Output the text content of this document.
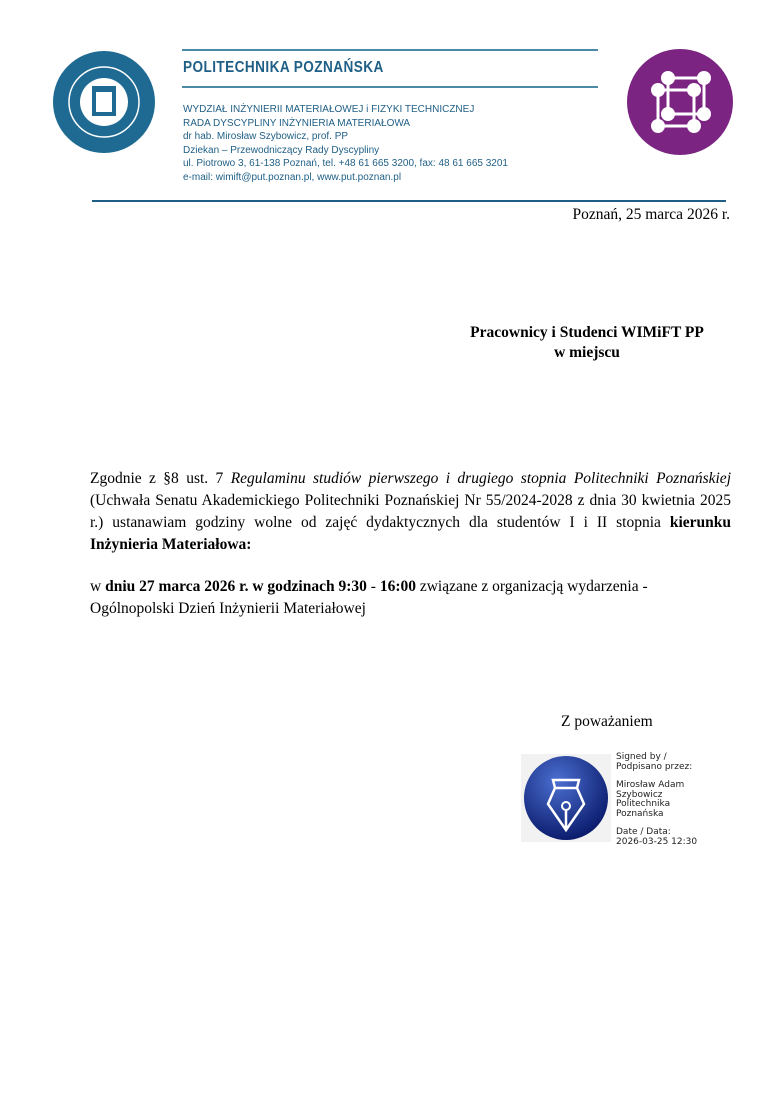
POLITECHNIKA POZNAŃSKA
WYDZIAŁ INŻYNIERII MATERIAŁOWEJ i FIZYKI TECHNICZNEJ
RADA DYSCYPLINY INŻYNIERIA MATERIAŁOWA
dr hab. Mirosław Szybowicz, prof. PP
Dziekan – Przewodniczący Rady Dyscypliny
ul. Piotrowo 3, 61-138 Poznań, tel. +48 61 665 3200, fax: 48 61 665 3201
e-mail: wimift@put.poznan.pl, www.put.poznan.pl
Poznań, 25 marca 2026 r.
Pracownicy i Studenci WIMiFT PP
w miejscu
Zgodnie z §8 ust. 7 Regulaminu studiów pierwszego i drugiego stopnia Politechniki Poznańskiej (Uchwała Senatu Akademickiego Politechniki Poznańskiej Nr 55/2024-2028 z dnia 30 kwietnia 2025 r.) ustanawiam godziny wolne od zajęć dydaktycznych dla studentów I i II stopnia kierunku Inżynieria Materiałowa:
w dniu 27 marca 2026 r. w godzinach 9:30 - 16:00 związane z organizacją wydarzenia - Ogólnopolski Dzień Inżynierii Materiałowej
Z poważaniem
Signed by /
Podpisano przez:
Mirosław Adam
Szybowicz
Politechnika
Poznańska
Date / Data:
2026-03-25 12:30
